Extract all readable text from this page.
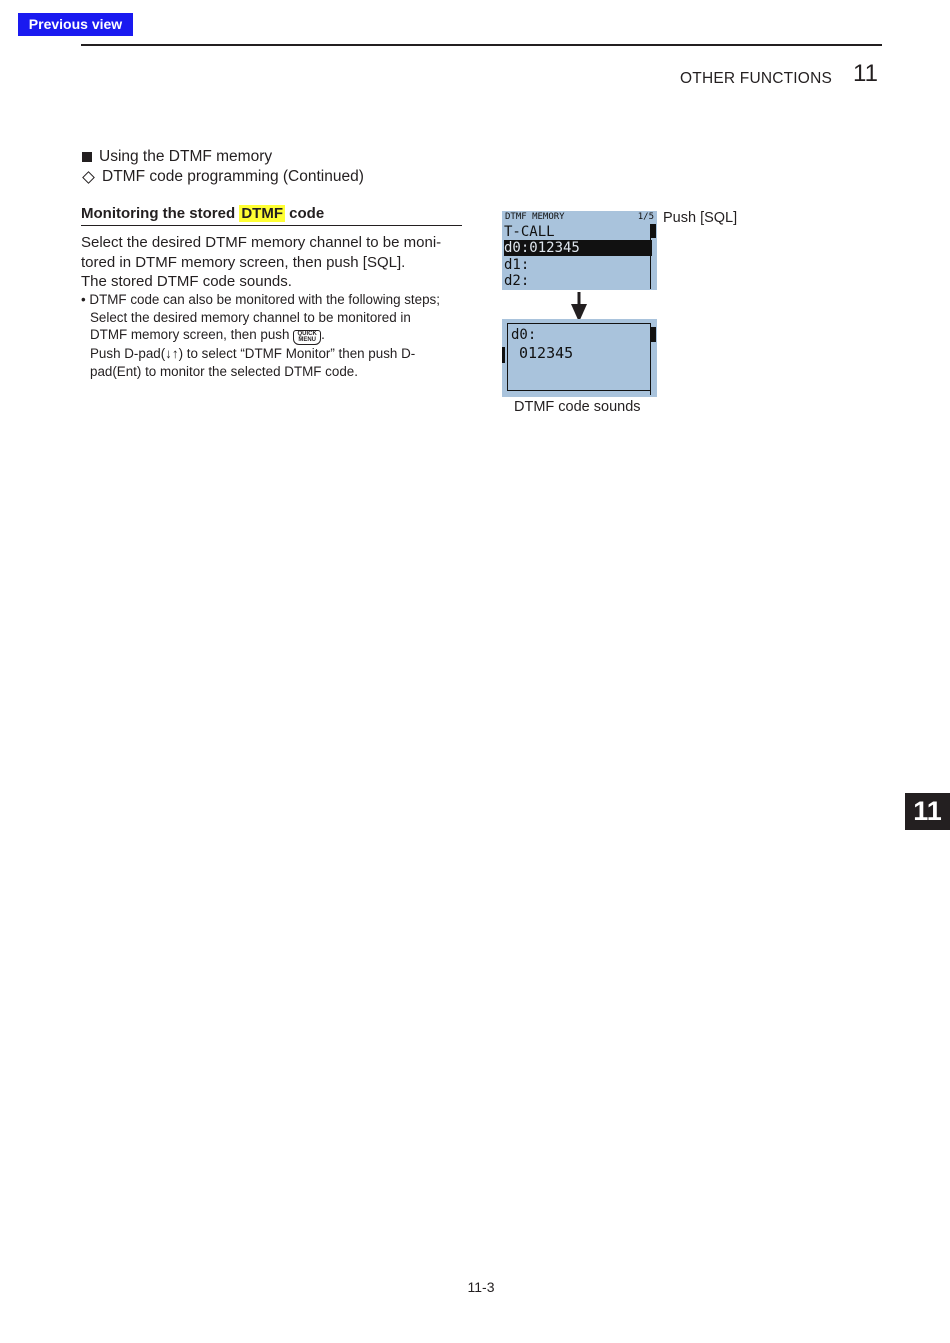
Previous view
OTHER FUNCTIONS 11
Using the DTMF memory
DTMF code programming (Continued)
Monitoring the stored DTMF code
Select the desired DTMF memory channel to be moni-
tored in DTMF memory screen, then push [SQL].
The stored DTMF code sounds.
• DTMF code can also be monitored with the following steps;
Select the desired memory channel to be monitored in
DTMF memory screen, then push QUICK
MENU .
Push D-pad(↓↑) to select “DTMF Monitor” then push D-
pad(Ent) to monitor the selected DTMF code.
DTMF MEMORY	1/5
T-CALL
d0:012345
d1:
d2:
d0:
012345
Push [SQL]
DTMF code sounds
11
11-3
